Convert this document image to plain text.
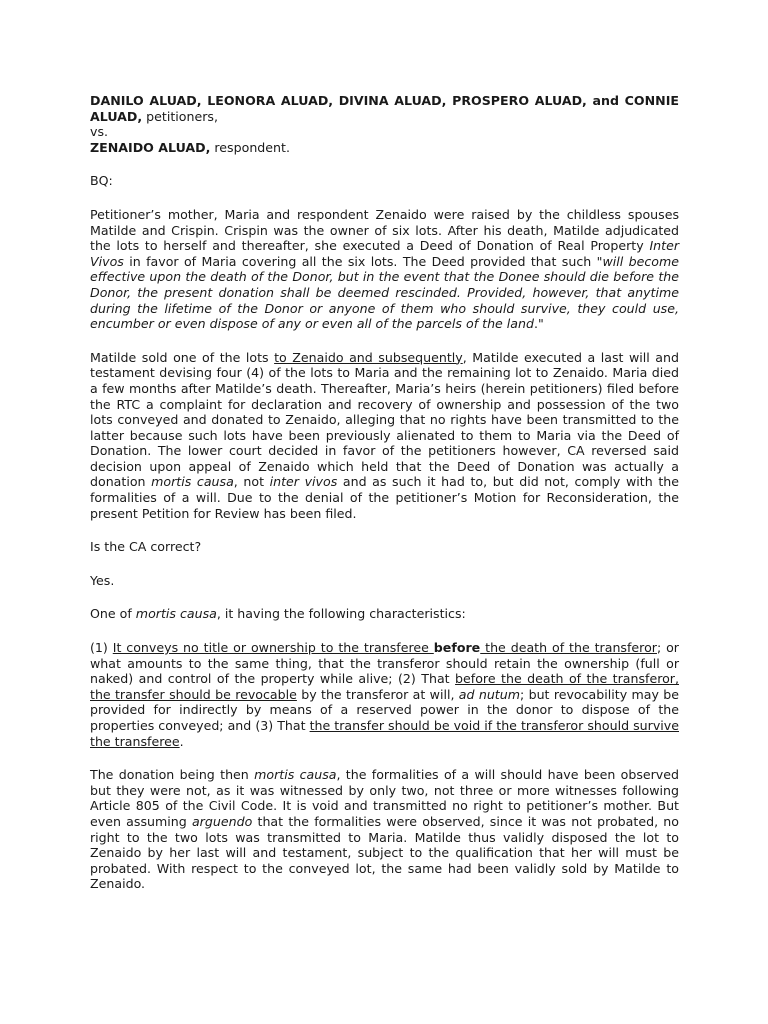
DANILO ALUAD, LEONORA ALUAD, DIVINA ALUAD, PROSPERO ALUAD, and CONNIE ALUAD, petitioners,

vs.

ZENAIDO ALUAD, respondent.

BQ:

Petitioner’s mother, Maria and respondent Zenaido were raised by the childless spouses Matilde and Crispin. Crispin was the owner of six lots. After his death, Matilde adjudicated the lots to herself and thereafter, she executed a Deed of Donation of Real Property Inter Vivos in favor of Maria covering all the six lots. The Deed provided that such "will become effective upon the death of the Donor, but in the event that the Donee should die before the Donor, the present donation shall be deemed rescinded. Provided, however, that anytime during the lifetime of the Donor or anyone of them who should survive, they could use, encumber or even dispose of any or even all of the parcels of the land."

Matilde sold one of the lots to Zenaido and subsequently, Matilde executed a last will and testament devising four (4) of the lots to Maria and the remaining lot to Zenaido. Maria died a few months after Matilde’s death. Thereafter, Maria’s heirs (herein petitioners) filed before the RTC a complaint for declaration and recovery of ownership and possession of the two lots conveyed and donated to Zenaido, alleging that no rights have been transmitted to the latter because such lots have been previously alienated to them to Maria via the Deed of Donation. The lower court decided in favor of the petitioners however, CA reversed said decision upon appeal of Zenaido which held that the Deed of Donation was actually a donation mortis causa, not inter vivos and as such it had to, but did not, comply with the formalities of a will. Due to the denial of the petitioner’s Motion for Reconsideration, the present Petition for Review has been filed.

Is the CA correct?

Yes.

One of mortis causa, it having the following characteristics:

(1) It conveys no title or ownership to the transferee before the death of the transferor; or what amounts to the same thing, that the transferor should retain the ownership (full or naked) and control of the property while alive; (2) That before the death of the transferor, the transfer should be revocable by the transferor at will, ad nutum; but revocability may be provided for indirectly by means of a reserved power in the donor to dispose of the properties conveyed; and (3) That the transfer should be void if the transferor should survive the transferee.

The donation being then mortis causa, the formalities of a will should have been observed but they were not, as it was witnessed by only two, not three or more witnesses following Article 805 of the Civil Code. It is void and transmitted no right to petitioner’s mother. But even assuming arguendo that the formalities were observed, since it was not probated, no right to the two lots was transmitted to Maria. Matilde thus validly disposed the lot to Zenaido by her last will and testament, subject to the qualification that her will must be probated. With respect to the conveyed lot, the same had been validly sold by Matilde to Zenaido.
